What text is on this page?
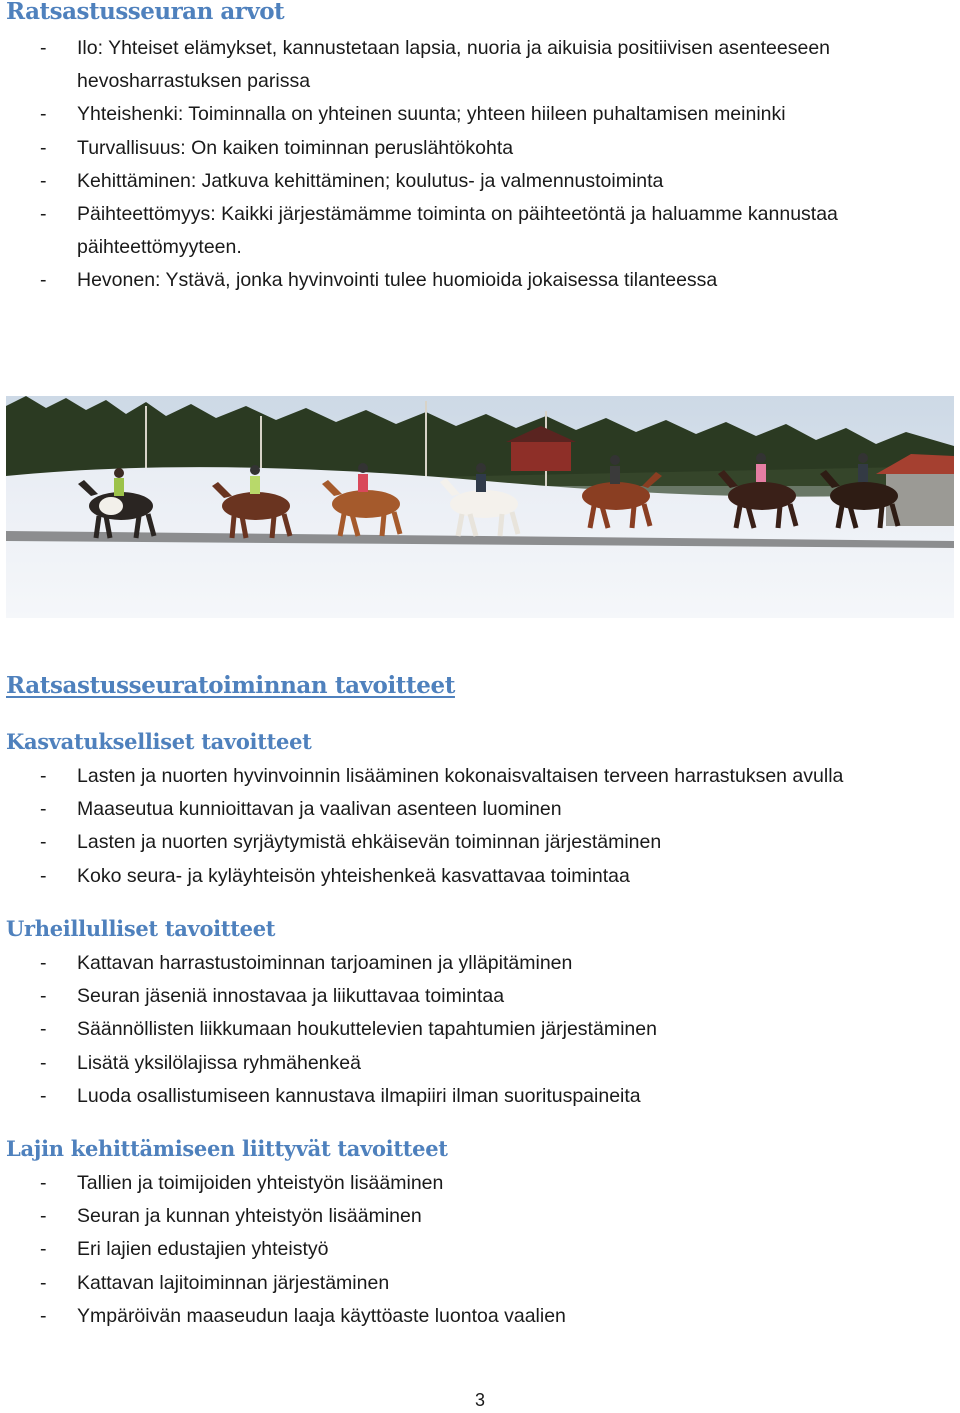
Ratsastusseuran arvot
- Ilo: Yhteiset elämykset, kannustetaan lapsia, nuoria ja aikuisia positiivisen asenteeseen hevosharrastuksen parissa
- Yhteishenki: Toiminnalla on yhteinen suunta; yhteen hiileen puhaltamisen meininki
- Turvallisuus: On kaiken toiminnan peruslähtökohta
- Kehittäminen: Jatkuva kehittäminen; koulutus- ja valmennustoiminta
- Päihteettömyys: Kaikki järjestämämme toiminta on päihteetöntä ja haluamme kannustaa päihteettömyyteen.
- Hevonen: Ystävä, jonka hyvinvointi tulee huomioida jokaisessa tilanteessa
Ratsastusseuratoiminnan tavoitteet
Kasvatukselliset tavoitteet
- Lasten ja nuorten hyvinvoinnin lisääminen kokonaisvaltaisen terveen harrastuksen avulla
- Maaseutua kunnioittavan ja vaalivan asenteen luominen
- Lasten ja nuorten syrjäytymistä ehkäisevän toiminnan järjestäminen
- Koko seura- ja kyläyhteisön yhteishenkeä kasvattavaa toimintaa
Urheillulliset tavoitteet
- Kattavan harrastustoiminnan tarjoaminen ja ylläpitäminen
- Seuran jäseniä innostavaa ja liikuttavaa toimintaa
- Säännöllisten liikkumaan houkuttelevien tapahtumien järjestäminen
- Lisätä yksilölajissa ryhmähenkeä
- Luoda osallistumiseen kannustava ilmapiiri ilman suorituspaineita
Lajin kehittämiseen liittyvät tavoitteet
- Tallien ja toimijoiden yhteistyön lisääminen
- Seuran ja kunnan yhteistyön lisääminen
- Eri lajien edustajien yhteistyö
- Kattavan lajitoiminnan järjestäminen
- Ympäröivän maaseudun laaja käyttöaste luontoa vaalien
3
